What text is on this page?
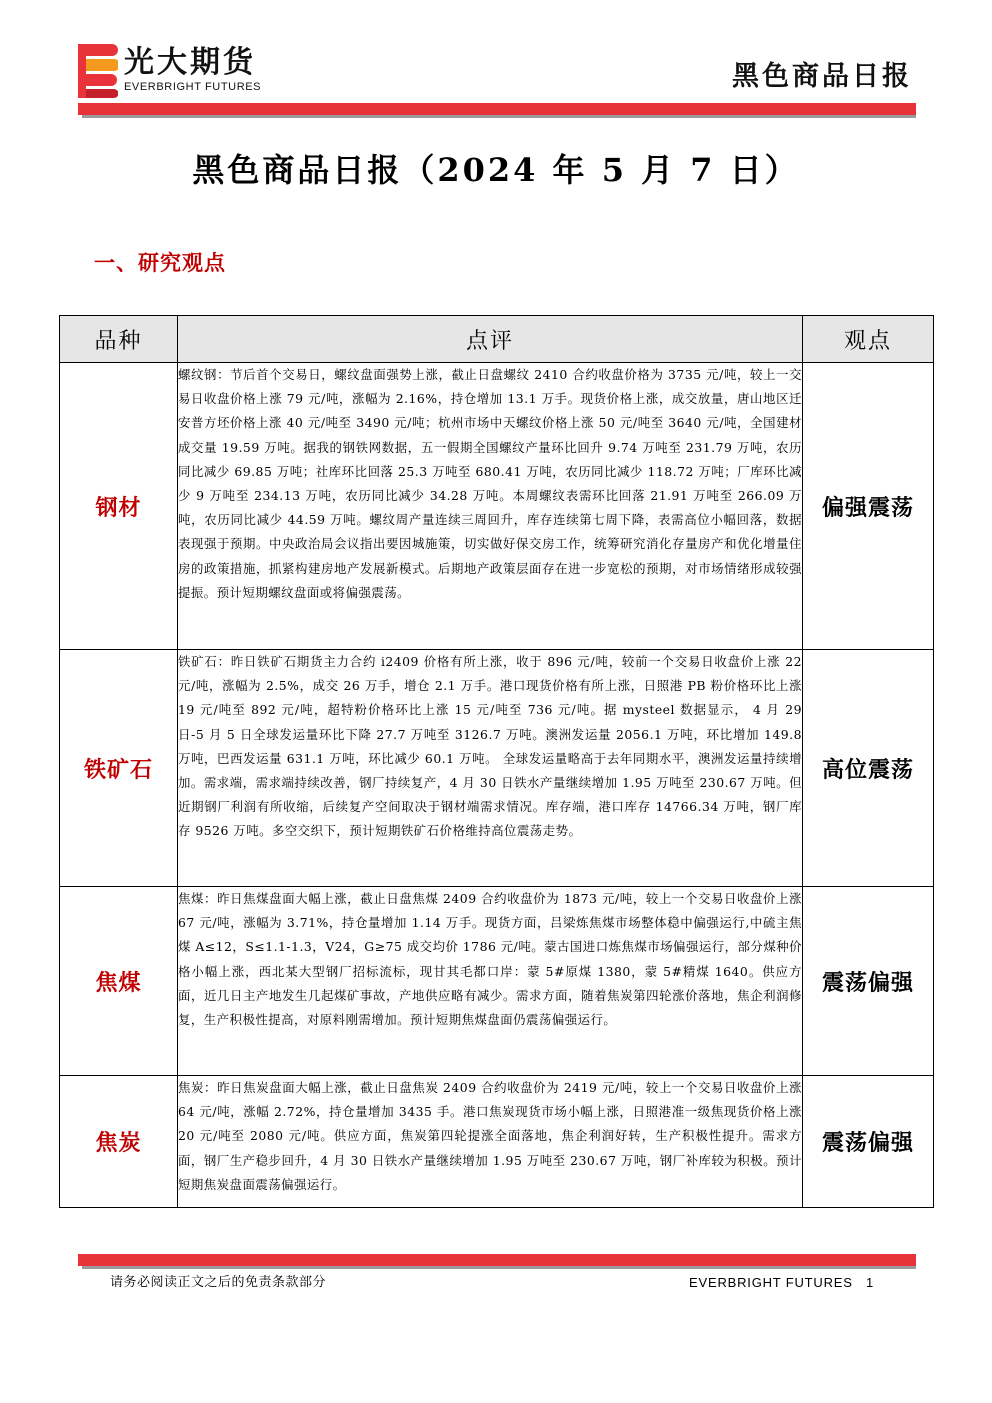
光大期货
EVERBRIGHT FUTURES	黑色商品日报
黑色商品日报（2024 年 5 月 7 日）
一、研究观点
品种	点评	观点
钢材	螺纹钢：节后首个交易日，螺纹盘面强势上涨，截止日盘螺纹 2410 合约收盘价格为 3735 元/吨，较上一交易日收盘价格上涨 79 元/吨，涨幅为 2.16%，持仓增加 13.1 万手。现货价格上涨，成交放量，唐山地区迁安普方坯价格上涨 40 元/吨至 3490 元/吨；杭州市场中天螺纹价格上涨 50 元/吨至 3640 元/吨，全国建材成交量 19.59 万吨。据我的钢铁网数据，五一假期全国螺纹产量环比回升 9.74 万吨至 231.79 万吨，农历同比减少 69.85 万吨；社库环比回落 25.3 万吨至 680.41 万吨，农历同比减少 118.72 万吨；厂库环比减少 9 万吨至 234.13 万吨，农历同比减少 34.28 万吨。本周螺纹表需环比回落 21.91 万吨至 266.09 万吨，农历同比减少 44.59 万吨。螺纹周产量连续三周回升，库存连续第七周下降，表需高位小幅回落，数据表现强于预期。中央政治局会议指出要因城施策，切实做好保交房工作，统筹研究消化存量房产和优化增量住房的政策措施，抓紧构建房地产发展新模式。后期地产政策层面存在进一步宽松的预期，对市场情绪形成较强提振。预计短期螺纹盘面或将偏强震荡。	偏强震荡
铁矿石	铁矿石：昨日铁矿石期货主力合约 i2409 价格有所上涨，收于 896 元/吨，较前一个交易日收盘价上涨 22 元/吨，涨幅为 2.5%，成交 26 万手，增仓 2.1 万手。港口现货价格有所上涨，日照港 PB 粉价格环比上涨 19 元/吨至 892 元/吨，超特粉价格环比上涨 15 元/吨至 736 元/吨。据 mysteel 数据显示， 4 月 29 日-5 月 5 日全球发运量环比下降 27.7 万吨至 3126.7 万吨。澳洲发运量 2056.1 万吨，环比增加 149.8 万吨，巴西发运量 631.1 万吨，环比减少 60.1 万吨。 全球发运量略高于去年同期水平，澳洲发运量持续增加。需求端，需求端持续改善，钢厂持续复产，4 月 30 日铁水产量继续增加 1.95 万吨至 230.67 万吨。但近期钢厂利润有所收缩，后续复产空间取决于钢材端需求情况。库存端，港口库存 14766.34 万吨，钢厂库存 9526 万吨。多空交织下，预计短期铁矿石价格维持高位震荡走势。	高位震荡
焦煤	焦煤：昨日焦煤盘面大幅上涨，截止日盘焦煤 2409 合约收盘价为 1873 元/吨，较上一个交易日收盘价上涨 67 元/吨，涨幅为 3.71%，持仓量增加 1.14 万手。现货方面，吕梁炼焦煤市场整体稳中偏强运行,中硫主焦煤 A≤12，S≤1.1-1.3，V24，G≥75 成交均价 1786 元/吨。蒙古国进口炼焦煤市场偏强运行，部分煤种价格小幅上涨，西北某大型钢厂招标流标，现甘其毛都口岸：蒙 5#原煤 1380，蒙 5#精煤 1640。供应方面，近几日主产地发生几起煤矿事故，产地供应略有减少。需求方面，随着焦炭第四轮涨价落地，焦企利润修复，生产积极性提高，对原料刚需增加。预计短期焦煤盘面仍震荡偏强运行。	震荡偏强
焦炭	焦炭：昨日焦炭盘面大幅上涨，截止日盘焦炭 2409 合约收盘价为 2419 元/吨，较上一个交易日收盘价上涨 64 元/吨，涨幅 2.72%，持仓量增加 3435 手。港口焦炭现货市场小幅上涨，日照港准一级焦现货价格上涨 20 元/吨至 2080 元/吨。供应方面，焦炭第四轮提涨全面落地，焦企利润好转，生产积极性提升。需求方面，钢厂生产稳步回升，4 月 30 日铁水产量继续增加 1.95 万吨至 230.67 万吨，钢厂补库较为积极。预计短期焦炭盘面震荡偏强运行。	震荡偏强
请务必阅读正文之后的免责条款部分	EVERBRIGHT FUTURES 1
